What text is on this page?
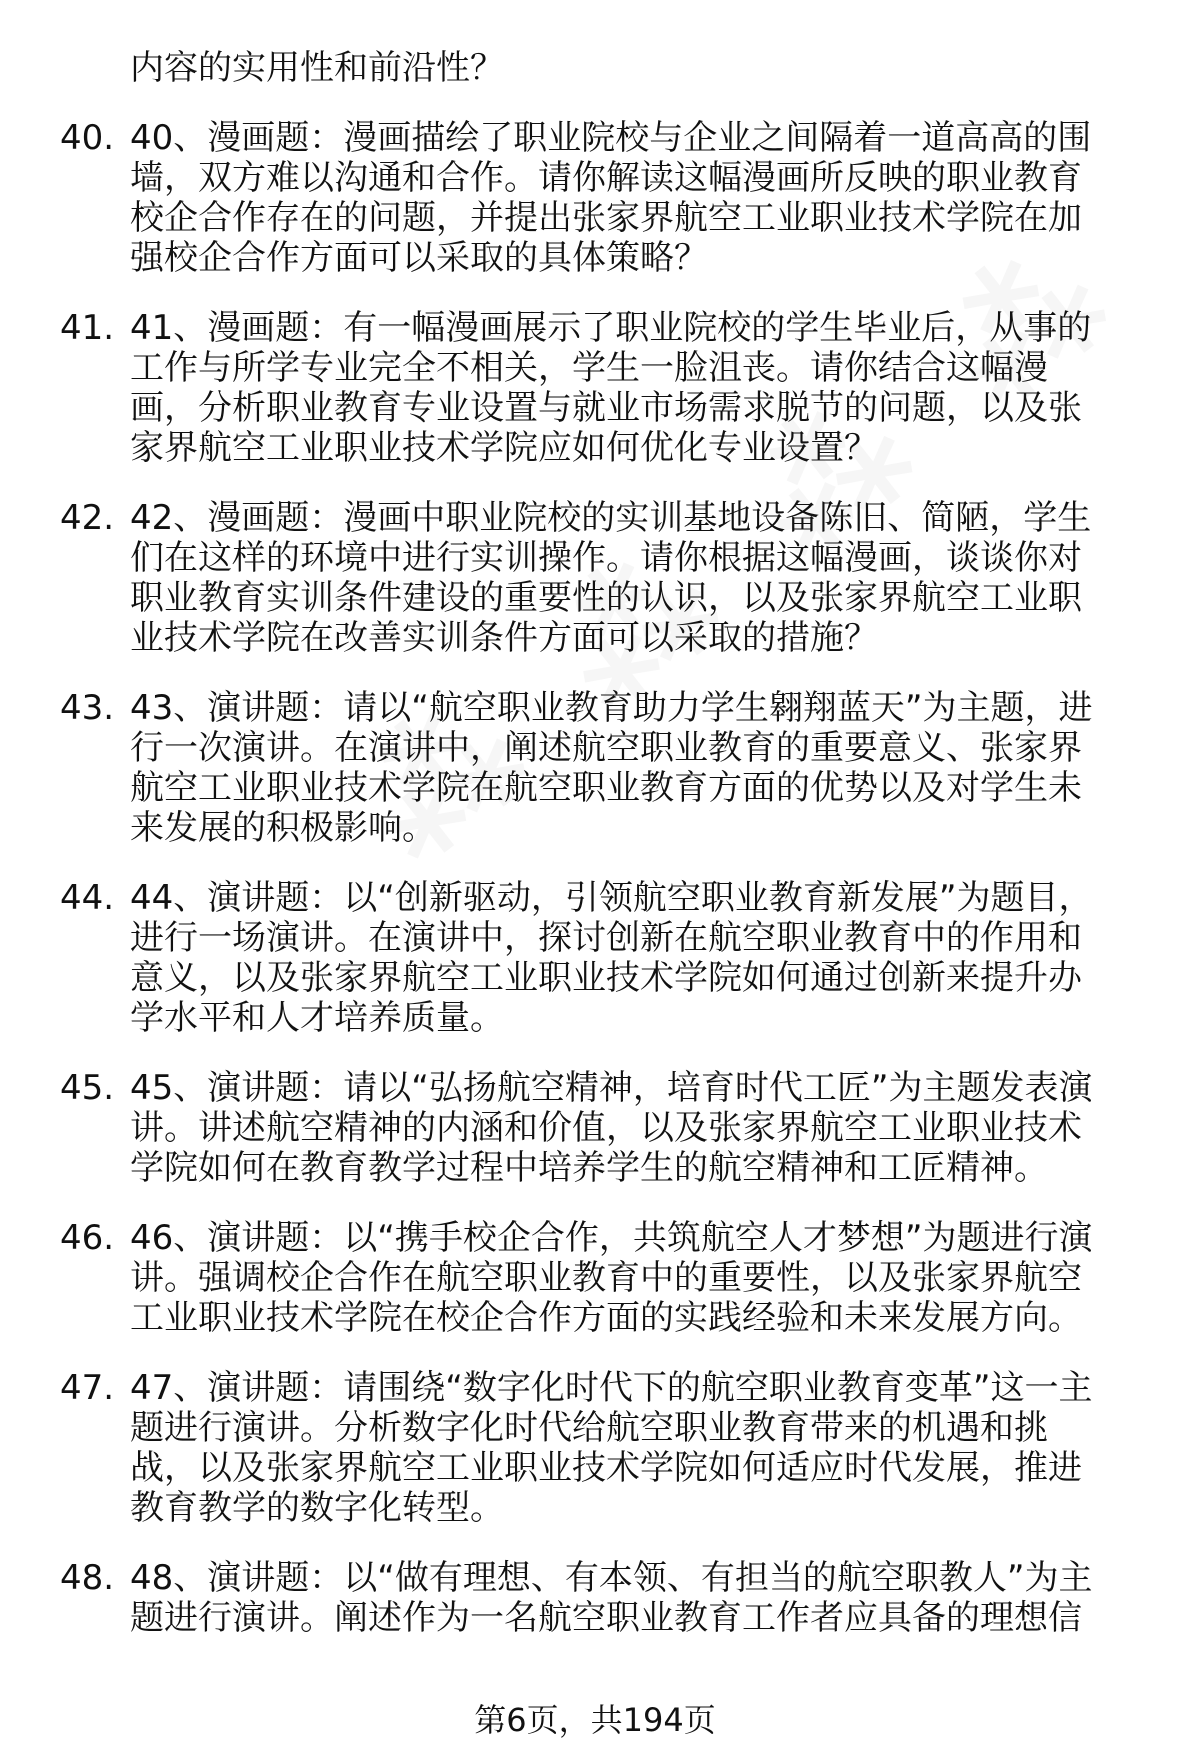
内容的实用性和前沿性？
40. 40、漫画题：漫画描绘了职业院校与企业之间隔着一道高高的围
墙，双方难以沟通和合作。请你解读这幅漫画所反映的职业教育
校企合作存在的问题，并提出张家界航空工业职业技术学院在加
强校企合作方面可以采取的具体策略？
41. 41、漫画题：有一幅漫画展示了职业院校的学生毕业后，从事的
工作与所学专业完全不相关，学生一脸沮丧。请你结合这幅漫
画，分析职业教育专业设置与就业市场需求脱节的问题，以及张
家界航空工业职业技术学院应如何优化专业设置？
42. 42、漫画题：漫画中职业院校的实训基地设备陈旧、简陋，学生
们在这样的环境中进行实训操作。请你根据这幅漫画，谈谈你对
职业教育实训条件建设的重要性的认识，以及张家界航空工业职
业技术学院在改善实训条件方面可以采取的措施？
43. 43、演讲题：请以“航空职业教育助力学生翱翔蓝天”为主题，进
行一次演讲。在演讲中，阐述航空职业教育的重要意义、张家界
航空工业职业技术学院在航空职业教育方面的优势以及对学生未
来发展的积极影响。
44. 44、演讲题：以“创新驱动，引领航空职业教育新发展”为题目，
进行一场演讲。在演讲中，探讨创新在航空职业教育中的作用和
意义，以及张家界航空工业职业技术学院如何通过创新来提升办
学水平和人才培养质量。
45. 45、演讲题：请以“弘扬航空精神，培育时代工匠”为主题发表演
讲。讲述航空精神的内涵和价值，以及张家界航空工业职业技术
学院如何在教育教学过程中培养学生的航空精神和工匠精神。
46. 46、演讲题：以“携手校企合作，共筑航空人才梦想”为题进行演
讲。强调校企合作在航空职业教育中的重要性，以及张家界航空
工业职业技术学院在校企合作方面的实践经验和未来发展方向。
47. 47、演讲题：请围绕“数字化时代下的航空职业教育变革”这一主
题进行演讲。分析数字化时代给航空职业教育带来的机遇和挑
战，以及张家界航空工业职业技术学院如何适应时代发展，推进
教育教学的数字化转型。
48. 48、演讲题：以“做有理想、有本领、有担当的航空职教人”为主
题进行演讲。阐述作为一名航空职业教育工作者应具备的理想信
第6页，共194页
